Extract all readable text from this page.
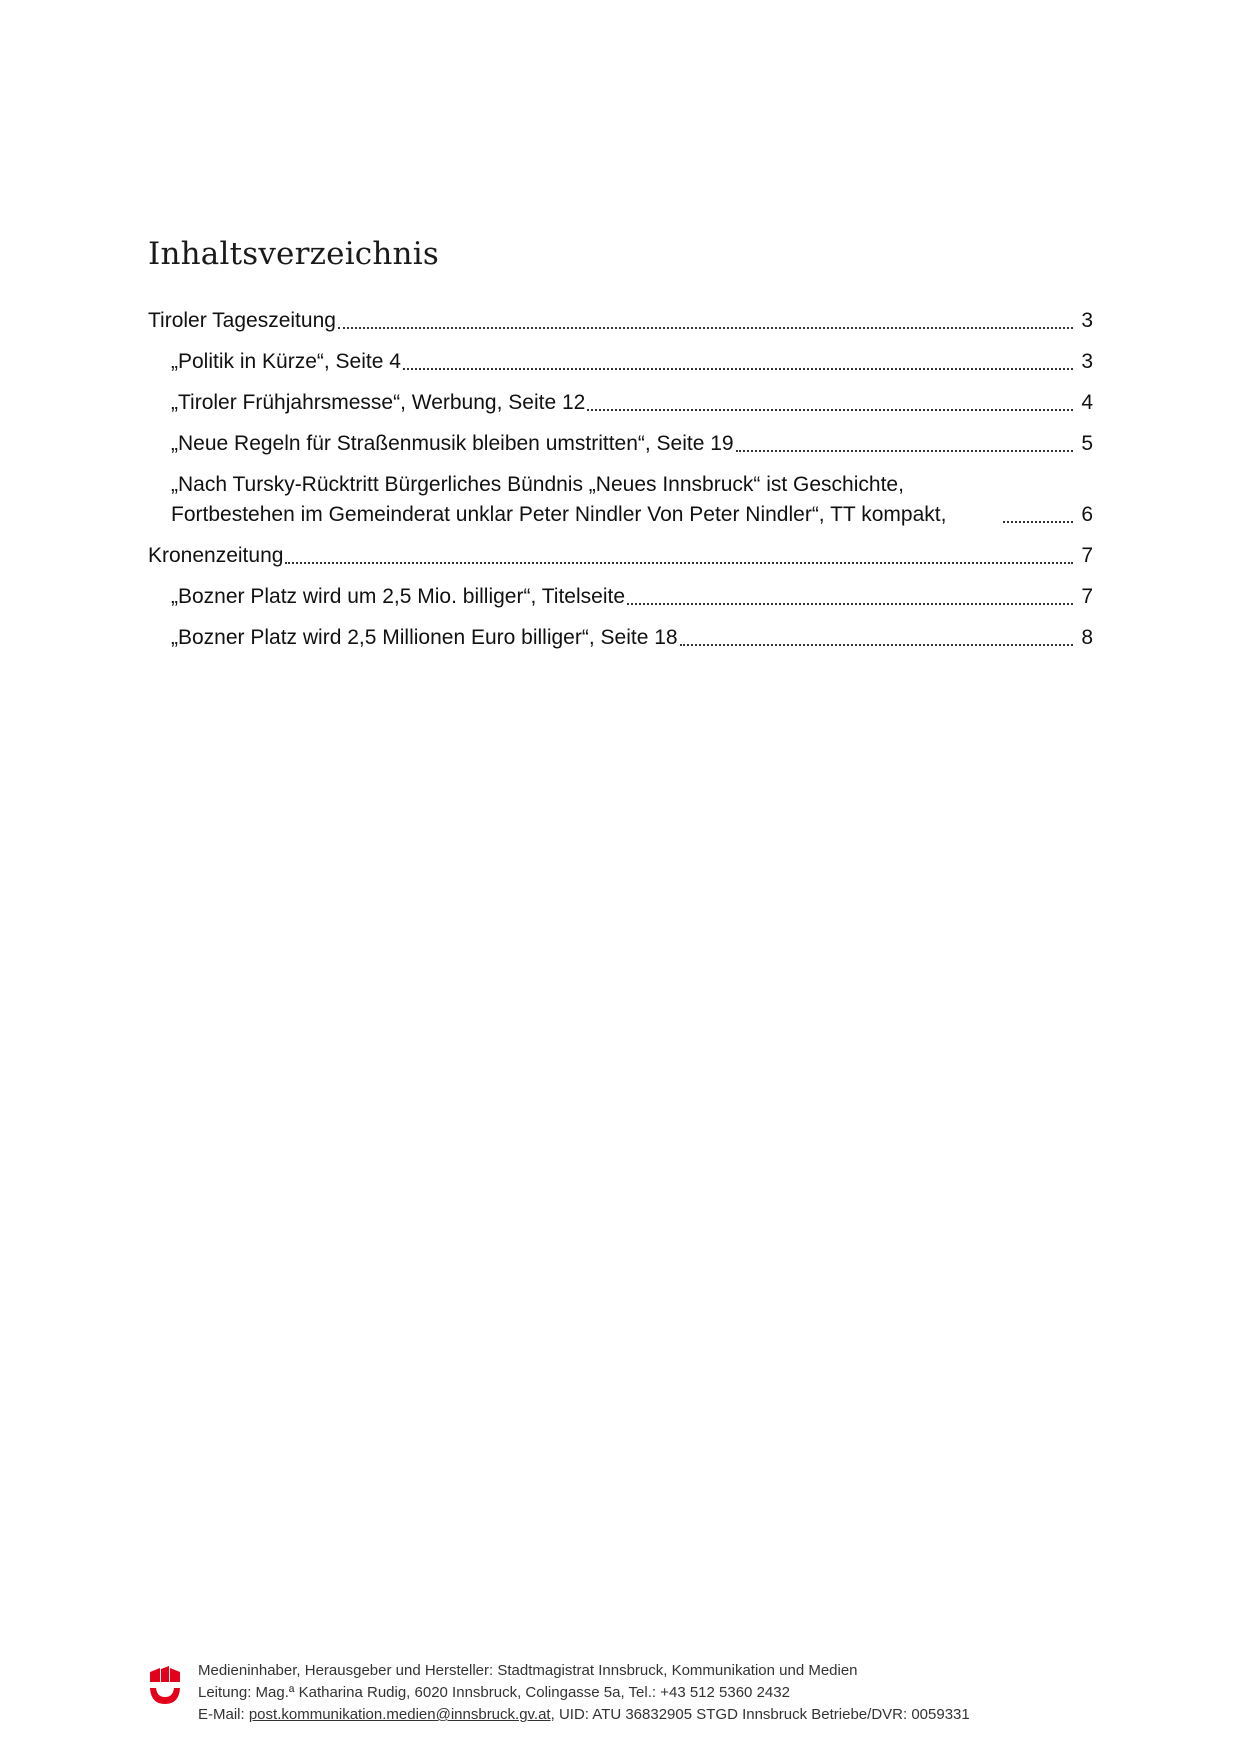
Inhaltsverzeichnis
Tiroler Tageszeitung	3
„Politik in Kürze“, Seite 4	3
„Tiroler Frühjahrsmesse“, Werbung, Seite 12	4
„Neue Regeln für Straßenmusik bleiben umstritten“, Seite 19	5
„Nach Tursky-Rücktritt Bürgerliches Bündnis „Neues Innsbruck“ ist Geschichte, Fortbestehen im Gemeinderat unklar Peter Nindler Von Peter Nindler“, TT kompakt,	6
Kronenzeitung	7
„Bozner Platz wird um 2,5 Mio. billiger“, Titelseite	7
„Bozner Platz wird 2,5 Millionen Euro billiger“, Seite 18	8
Medieninhaber, Herausgeber und Hersteller: Stadtmagistrat Innsbruck, Kommunikation und Medien
Leitung: Mag.ª Katharina Rudig, 6020 Innsbruck, Colingasse 5a, Tel.: +43 512 5360 2432
E-Mail: post.kommunikation.medien@innsbruck.gv.at, UID: ATU 36832905 STGD Innsbruck Betriebe/DVR: 0059331
